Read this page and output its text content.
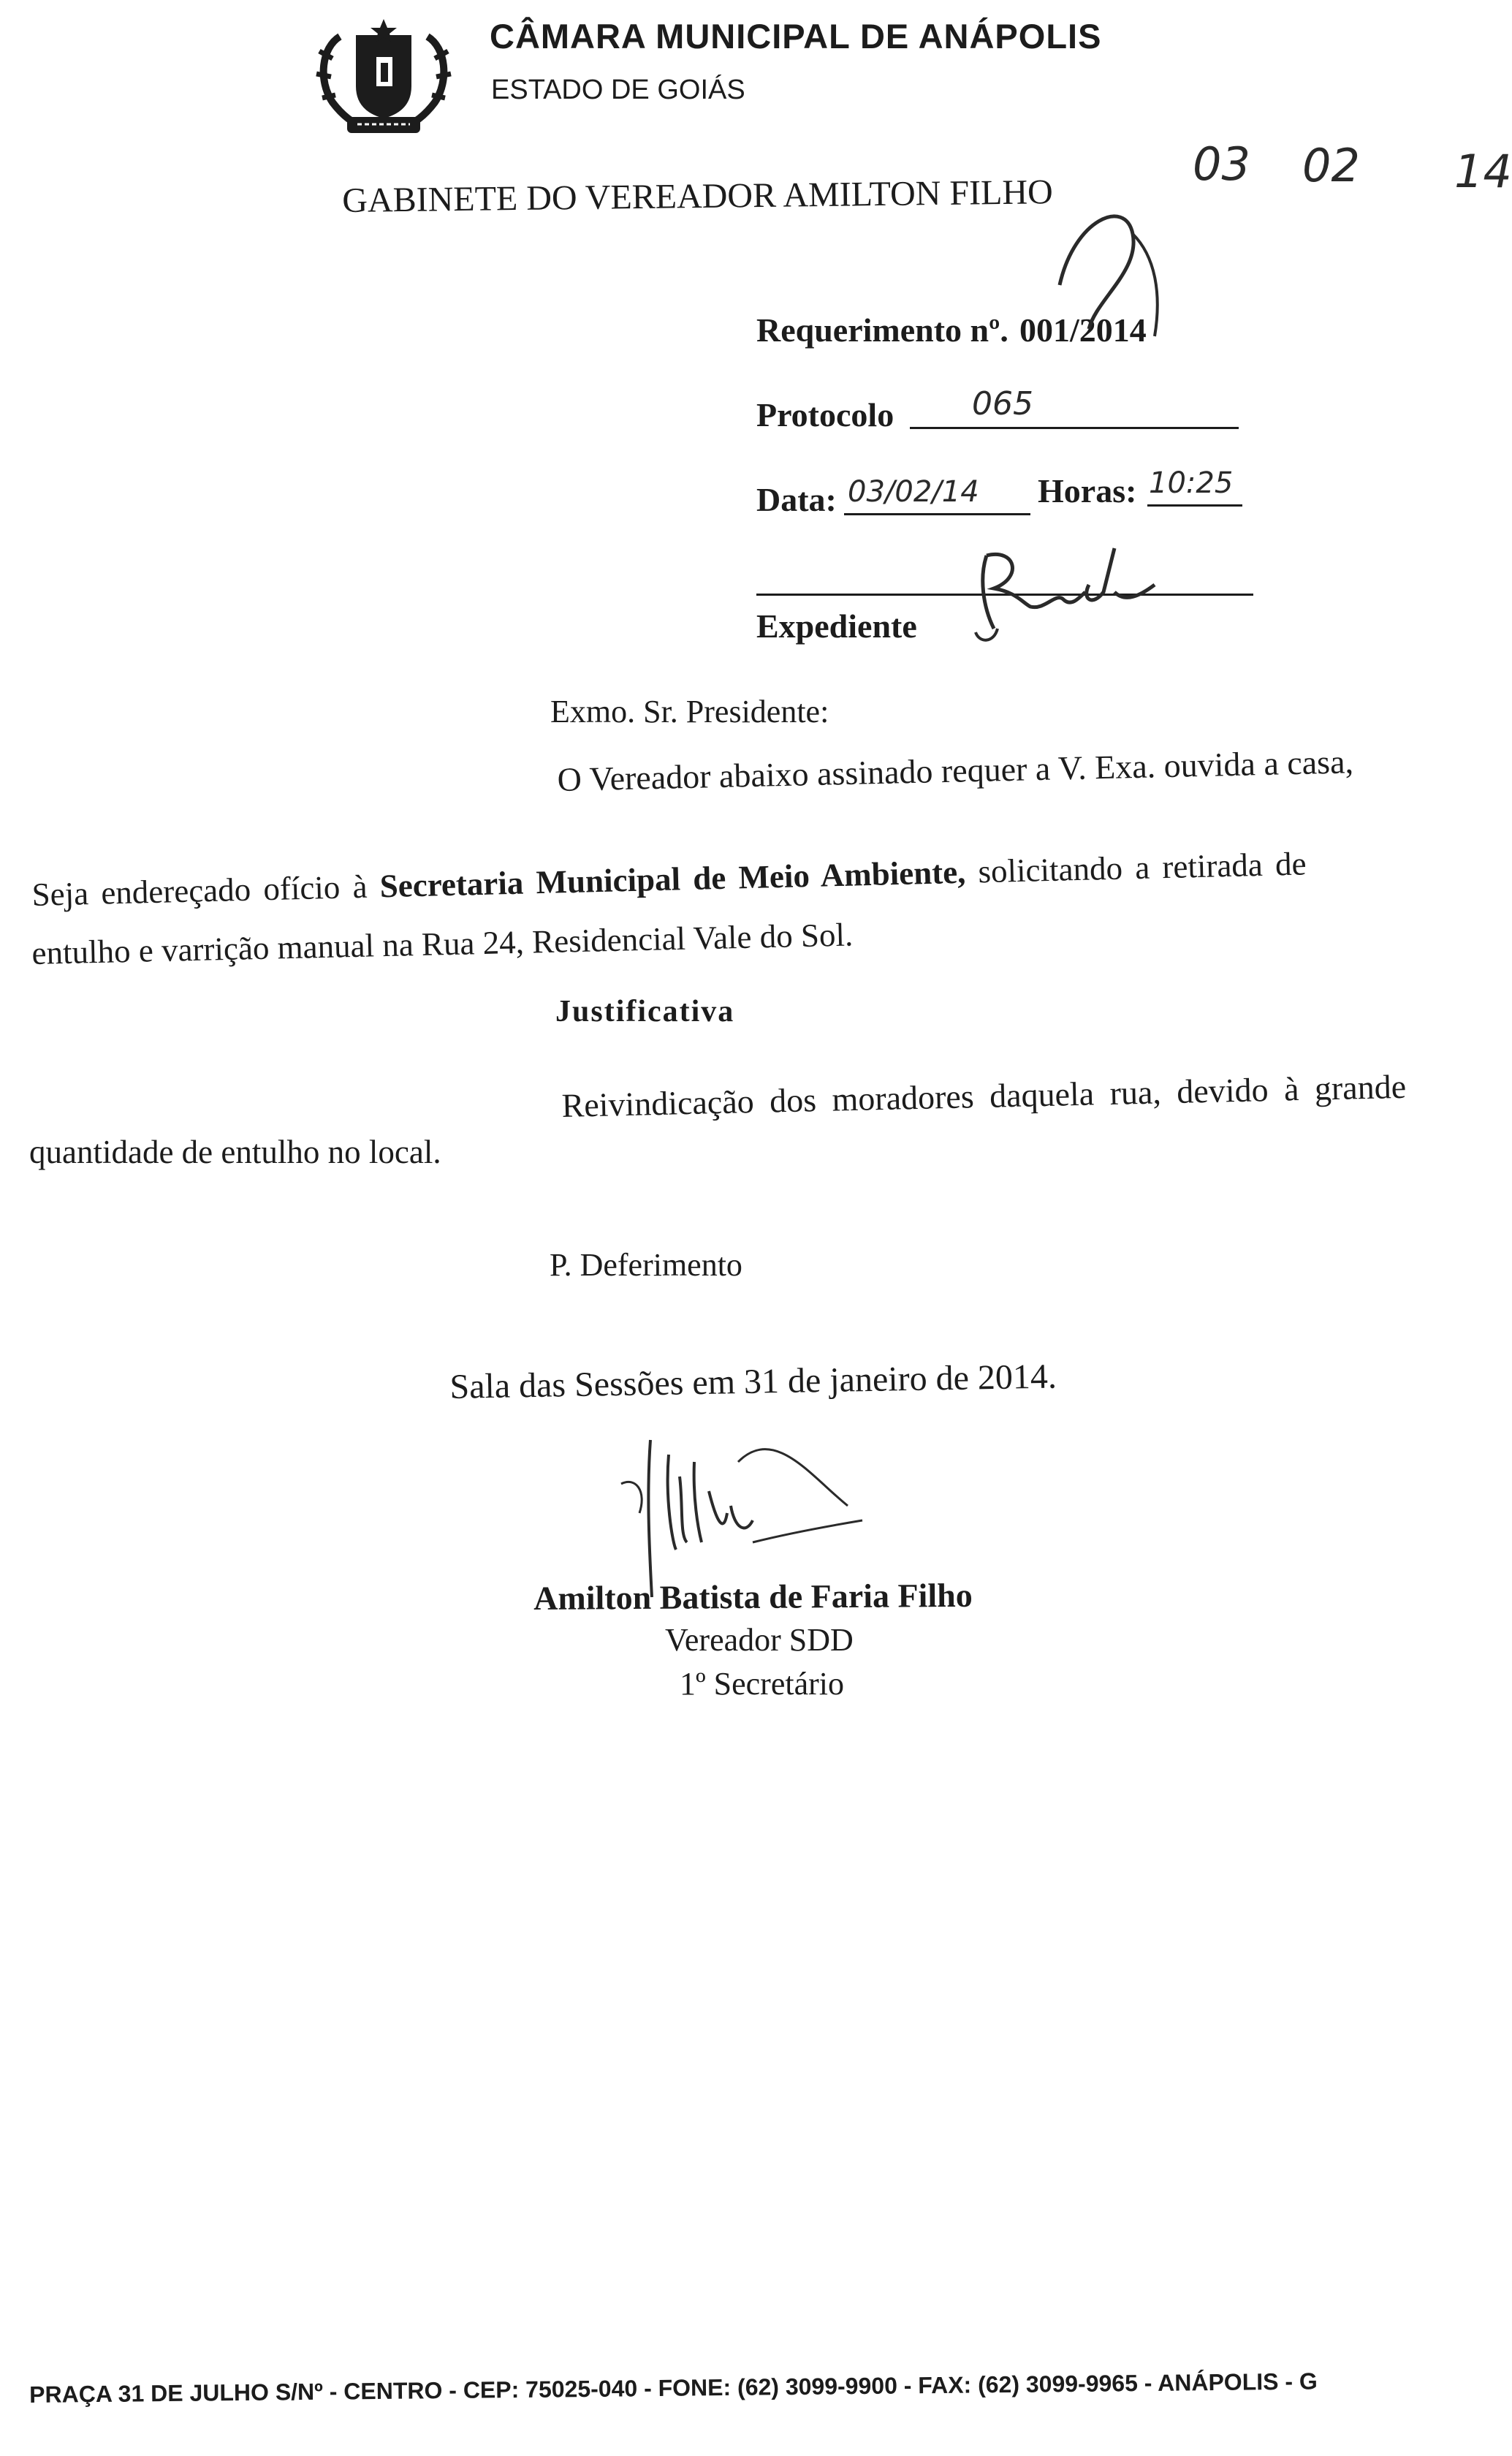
CÂMARA MUNICIPAL DE ANÁPOLIS
ESTADO DE GOIÁS
GABINETE DO VEREADOR AMILTON FILHO
03 02 14
Requerimento nº. 001/2014
Protocolo 065
Data: 03/02/14 Horas: 10:25
Expediente
Exmo. Sr. Presidente:
O Vereador abaixo assinado requer a V. Exa. ouvida a casa,
Seja endereçado ofício à Secretaria Municipal de Meio Ambiente, solicitando a retirada de
entulho e varrição manual na Rua 24, Residencial Vale do Sol.
Justificativa
Reivindicação dos moradores daquela rua, devido à grande
quantidade de entulho no local.
P. Deferimento
Sala das Sessões em 31 de janeiro de 2014.
Amilton Batista de Faria Filho
Vereador SDD
1º Secretário
PRAÇA 31 DE JULHO S/Nº - CENTRO - CEP: 75025-040 - FONE: (62) 3099-9900 - FAX: (62) 3099-9965 - ANÁPOLIS - G
